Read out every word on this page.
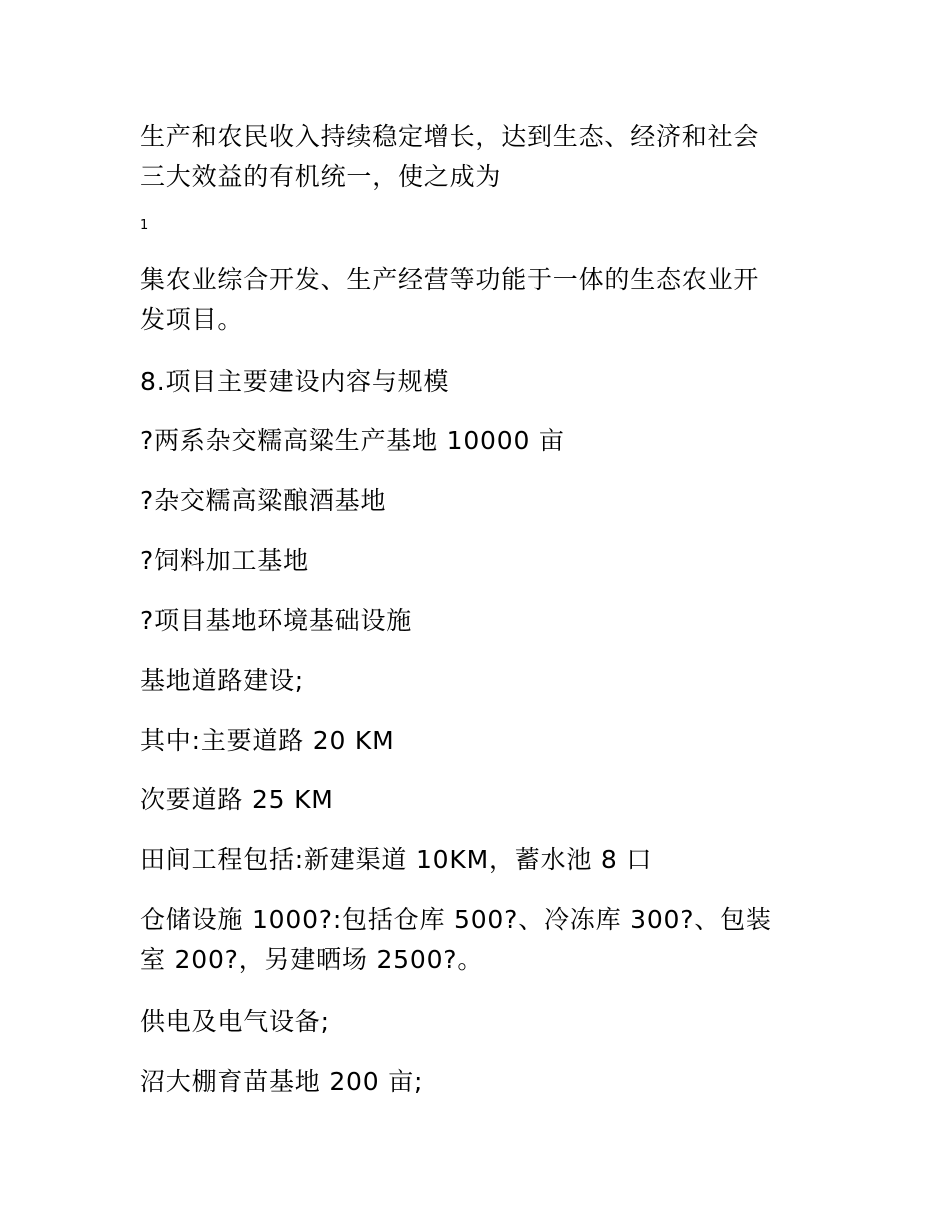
生产和农民收入持续稳定增长，达到生态、经济和社会
三大效益的有机统一，使之成为
1
集农业综合开发、生产经营等功能于一体的生态农业开
发项目。
8.项目主要建设内容与规模
?两系杂交糯高粱生产基地 10000 亩
?杂交糯高粱酿酒基地
?饲料加工基地
?项目基地环境基础设施
基地道路建设;
其中:主要道路 20 KM
次要道路 25 KM
田间工程包括:新建渠道 10KM，蓄水池 8 口
仓储设施 1000?:包括仓库 500?、冷冻库 300?、包装
室 200?，另建晒场 2500?。
供电及电气设备;
沼大棚育苗基地 200 亩;
